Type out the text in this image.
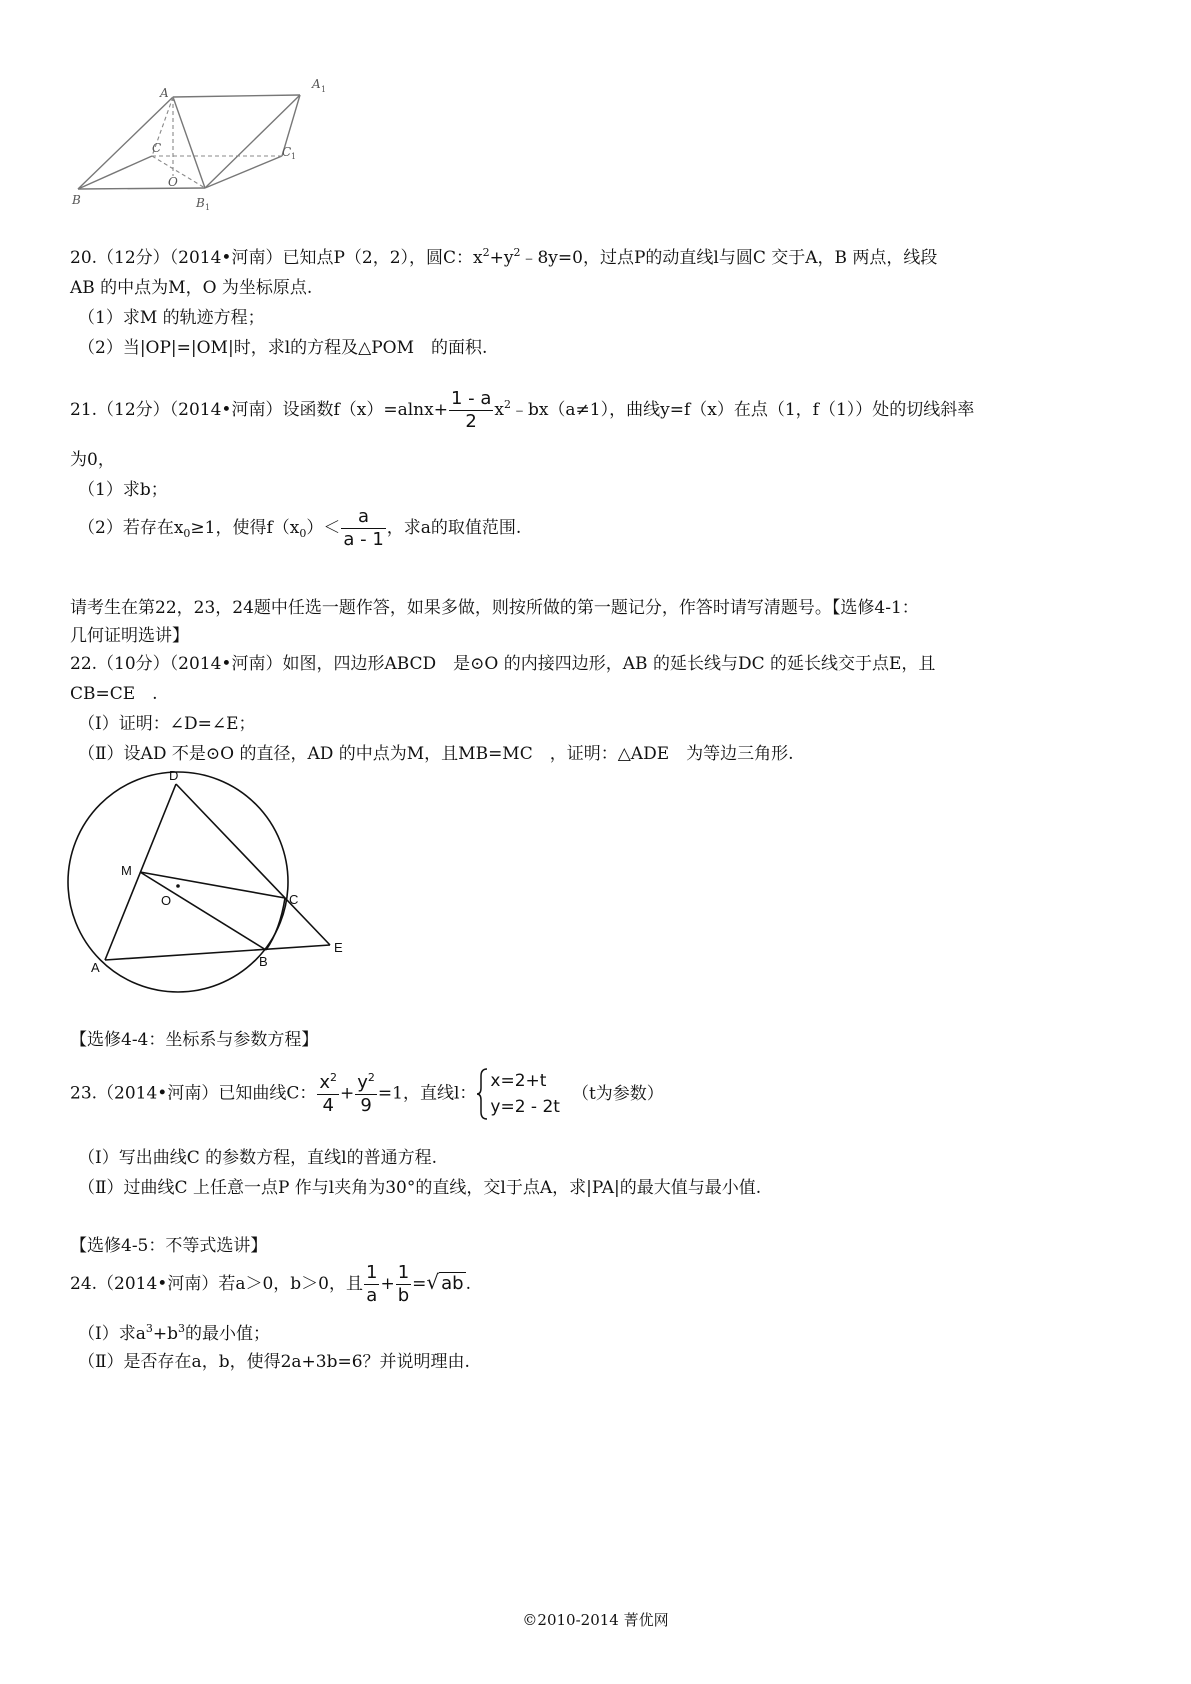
A
A 1
C	C 1
O
B	B 1
20.（12分）（2014•河南）已知点P（2，2），圆C：$x^2+y^2﹣8y=0$，过点P的动直线l与圆C 交于A，B 两点，线段
AB 的中点为M，O 为坐标原点.
（1）求M 的轨迹方程；
（2）当|OP|=|OM|时，求l的方程及△POM　的面积.
21.（12分）（2014•河南）设函数$f(x)=alnx+ \frac{1 - a}{2}$ $x^2﹣bx(a\ne 1)$，曲线y=f（x）在点（1，f（1））处的切线斜率
为0，
（1）求b；
（2）若存在$x_0\ge 1$，使得$f(x_0)< \frac{a}{a - 1}$ ，求a的取值范围.
请考生在第22，23，24题中任选一题作答，如果多做，则按所做的第一题记分，作答时请写清题号。【选修4-1：
几何证明选讲】
22.（10分）（2014•河南）如图，四边形ABCD　是⊙O 的内接四边形，AB 的延长线与DC 的延长线交于点E，且
CB=CE　.
（Ⅰ）证明：∠D=∠E；
（Ⅱ）设AD 不是⊙O 的直径，AD 的中点为M，且MB=MC　，证明：△ADE　为等边三角形.
D
M
O	C
E
A	B
【选修4-4：坐标系与参数方程】
23.（2014•河南）已知曲线C： $\frac{x^2}{4} + \frac{y^2}{9} =1$，直线l：
x=2+t
y=2 - 2t
（t为参数）
（Ⅰ）写出曲线C 的参数方程，直线l的普通方程.
（Ⅱ）过曲线C 上任意一点P 作与l夹角为30°的直线，交l于点A，求|PA|的最大值与最小值.
【选修4-5：不等式选讲】
24.（2014•河南）若a＞0，b＞0，且 $\frac{1}{a} + \frac{1}{b}$ =√ ab .
（Ⅰ）求$a^3+b^3$的最小值；
（Ⅱ）是否存在a，b，使得2a+3b=6？并说明理由.
©2010-2014 菁优网
